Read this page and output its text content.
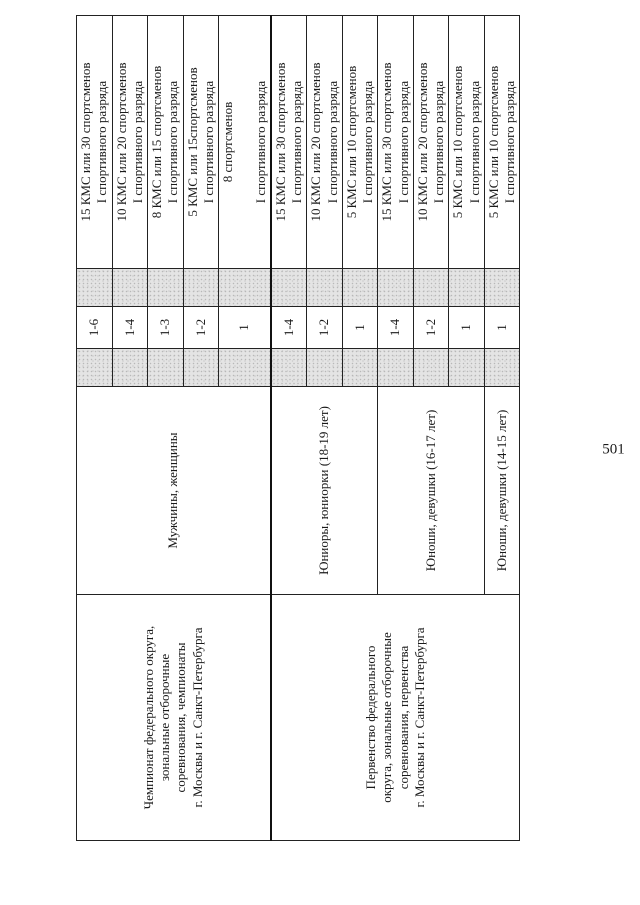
501
Чемпионат федерального округа, зональные отборочные соревнования, чемпионаты г. Москвы и г. Санкт-Петербурга	Мужчины, женщины		1-6		15 КМС или 30 спортсменов I спортивного разряда

			1-4		10 КМС или 20 спортсменов I спортивного разряда

			1-3		8 КМС или 15 спортсменов I спортивного разряда

			1-2		5 КМС или 15спортсменов I спортивного разряда

			1		8 спортсменов
I спортивного разряда

Первенство федерального округа, зональные отборочные соревнования, первенства г. Москвы и г. Санкт-Петербурга	Юниоры, юниорки (18-19 лет)		1-4		15 КМС или 30 спортсменов I спортивного разряда

			1-2		10 КМС или 20 спортсменов I спортивного разряда

			1		5 КМС или 10 спортсменов I спортивного разряда

	Юноши, девушки (16-17 лет)		1-4		15 КМС или 30 спортсменов I спортивного разряда

			1-2		10 КМС или 20 спортсменов I спортивного разряда

			1		5 КМС или 10 спортсменов I спортивного разряда

	Юноши, девушки (14-15 лет)		1		5 КМС или 10 спортсменов I спортивного разряда
